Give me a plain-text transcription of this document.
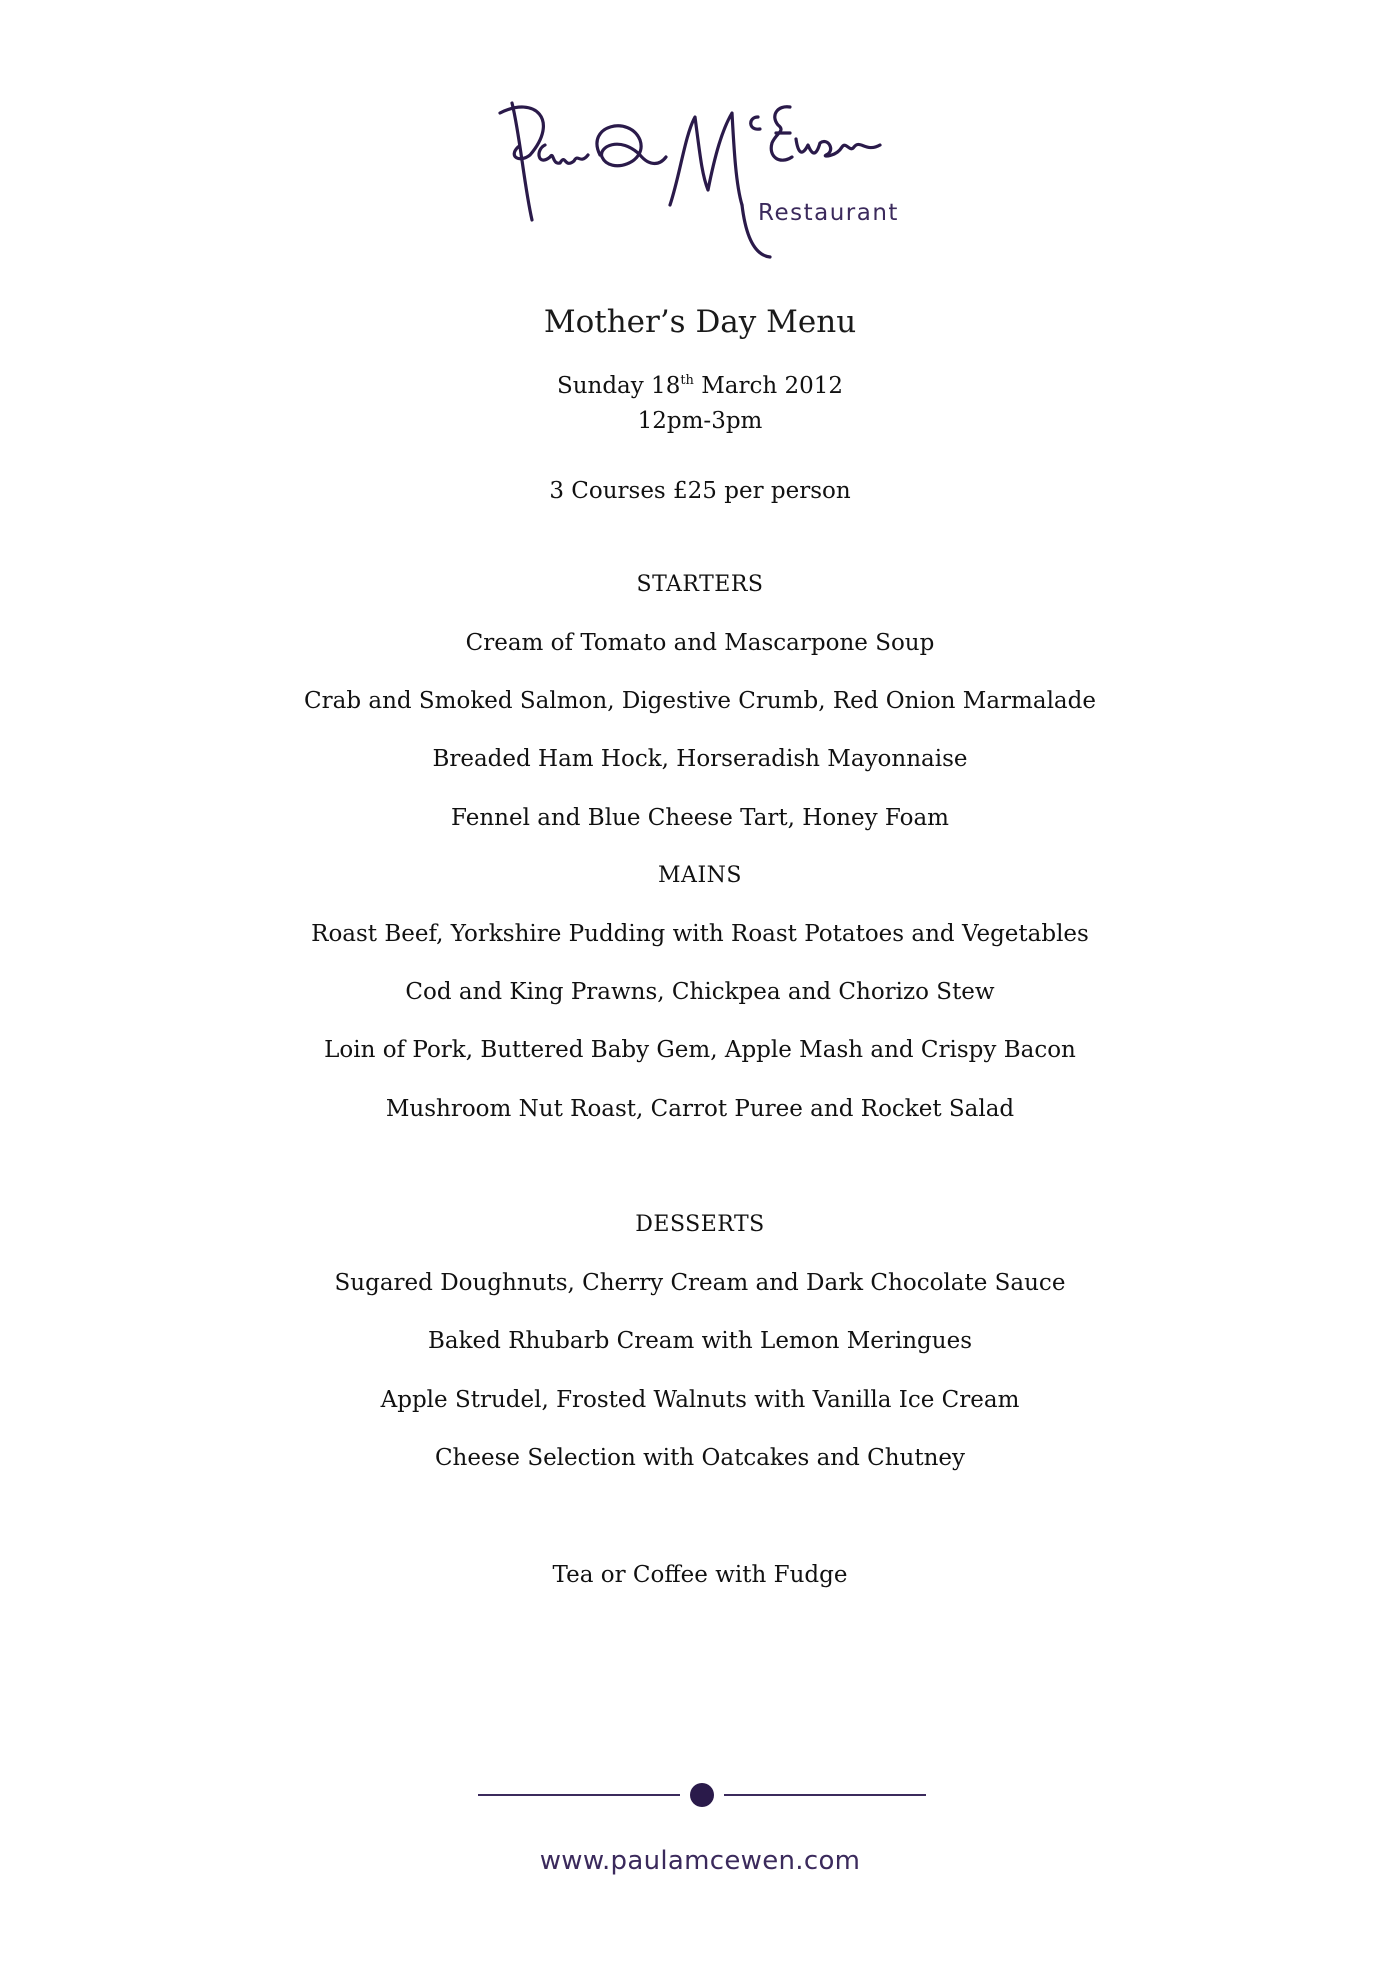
Restaurant
Mother’s Day Menu
Sunday 18th March 2012
12pm-3pm
3 Courses £25 per person
STARTERS
Cream of Tomato and Mascarpone Soup
Crab and Smoked Salmon, Digestive Crumb, Red Onion Marmalade
Breaded Ham Hock, Horseradish Mayonnaise
Fennel and Blue Cheese Tart, Honey Foam
MAINS
Roast Beef, Yorkshire Pudding with Roast Potatoes and Vegetables
Cod and King Prawns, Chickpea and Chorizo Stew
Loin of Pork, Buttered Baby Gem, Apple Mash and Crispy Bacon
Mushroom Nut Roast, Carrot Puree and Rocket Salad
DESSERTS
Sugared Doughnuts, Cherry Cream and Dark Chocolate Sauce
Baked Rhubarb Cream with Lemon Meringues
Apple Strudel, Frosted Walnuts with Vanilla Ice Cream
Cheese Selection with Oatcakes and Chutney
Tea or Coffee with Fudge
www.paulamcewen.com
